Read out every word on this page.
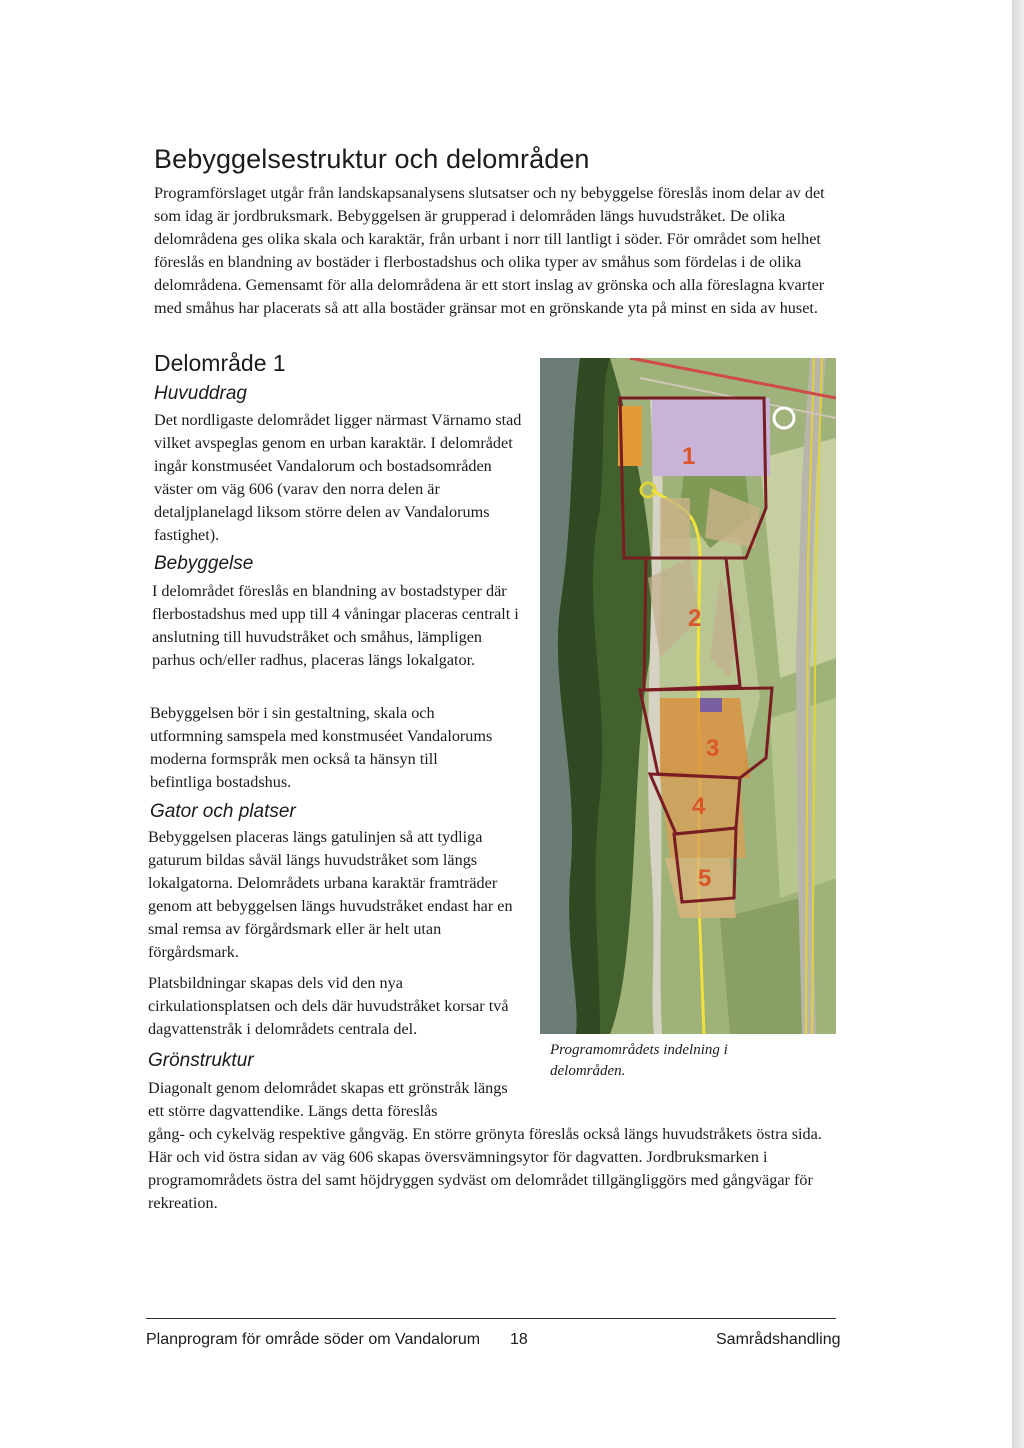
Bebyggelsestruktur och delområden

Programförslaget utgår från landskapsanalysens slutsatser och ny bebyggelse föreslås inom delar av det som idag är jordbruksmark. Bebyggelsen är grupperad i delområden längs huvudstråket. De olika delområdena ges olika skala och karaktär, från urbant i norr till lantligt i söder. För området som helhet föreslås en blandning av bostäder i flerbostadshus och olika typer av småhus som fördelas i de olika delområdena. Gemensamt för alla delområdena är ett stort inslag av grönska och alla föreslagna kvarter med småhus har placerats så att alla bostäder gränsar mot en grönskande yta på minst en sida av huset.

Delområde 1
Huvuddrag

Det nordligaste delområdet ligger närmast Värnamo stad vilket avspeglas genom en urban karaktär. I delområdet ingår konstmuséet Vandalorum och bostadsområden väster om väg 606 (varav den norra delen är detaljplanelagd liksom större delen av Vandalorums fastighet).

Bebyggelse

I delområdet föreslås en blandning av bostadstyper där flerbostadshus med upp till 4 våningar placeras centralt i anslutning till huvudstråket och småhus, lämpligen parhus och/eller radhus, placeras längs lokalgator.

Bebyggelsen bör i sin gestaltning, skala och utformning samspela med konstmuséet Vandalorums moderna formspråk men också ta hänsyn till befintliga bostadshus.

Gator och platser

Bebyggelsen placeras längs gatulinjen så att tydliga gaturum bildas såväl längs huvudstråket som längs lokalgatorna. Delområdets urbana karaktär framträder genom att bebyggelsen längs huvudstråket endast har en smal remsa av förgårdsmark eller är helt utan förgårdsmark.

Platsbildningar skapas dels vid den nya cirkulationsplatsen och dels där huvudstråket korsar två dagvattenstråk i delområdets centrala del.

Grönstruktur

Diagonalt genom delområdet skapas ett grönstråk längs ett större dagvattendike. Längs detta föreslås

gång- och cykelväg respektive gångväg. En större grönyta föreslås också längs huvudstråkets östra sida. Här och vid östra sidan av väg 606 skapas översvämningsytor för dagvatten. Jordbruksmarken i programområdets östra del samt höjdryggen sydväst om delområdet tillgängliggörs med gångvägar för rekreation.

1
2
3
4
5

Programområdets indelning i delområden.

Planprogram för område söder om Vandalorum 18	Samrådshandling
